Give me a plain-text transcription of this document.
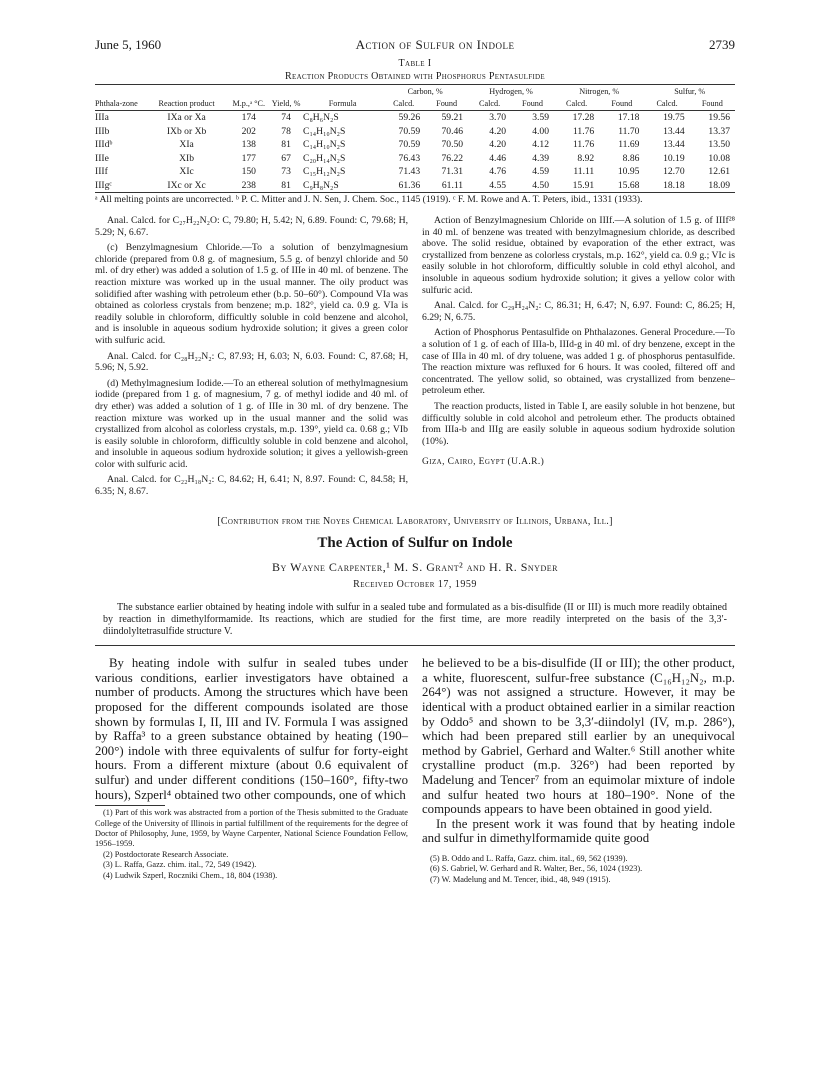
June 5, 1960	Action of Sulfur on Indole	2739
Table I
Reaction Products Obtained with Phosphorus Pentasulfide
					Carbon, %		Hydrogen, %		Nitrogen, %		Sulfur, %	
Phthala-zone	Reaction product	M.p.,ᵃ °C.	Yield, %	Formula	Calcd.	Found	Calcd.	Found	Calcd.	Found	Calcd.	Found
IIIa	IXa or Xa	174	74	C₈H₆N₂S	59.26	59.21	3.70	3.59	17.28	17.18	19.75	19.56
IIIb	IXb or Xb	202	78	C₁₄H₁₀N₂S	70.59	70.46	4.20	4.00	11.76	11.70	13.44	13.37
IIIdᵇ	XIa	138	81	C₁₄H₁₀N₂S	70.59	70.50	4.20	4.12	11.76	11.69	13.44	13.50
IIIe	XIb	177	67	C₂₀H₁₄N₂S	76.43	76.22	4.46	4.39	8.92	8.86	10.19	10.08
IIIf	XIc	150	73	C₁₅H₁₂N₂S	71.43	71.31	4.76	4.59	11.11	10.95	12.70	12.61
IIIgᶜ	IXc or Xc	238	81	C₉H₈N₂S	61.36	61.11	4.55	4.50	15.91	15.68	18.18	18.09
ᵃ All melting points are uncorrected. ᵇ P. C. Mitter and J. N. Sen, J. Chem. Soc., 1145 (1919). ᶜ F. M. Rowe and A. T. Peters, ibid., 1331 (1933).

Anal. Calcd. for C₂₇H₂₂N₂O: C, 79.80; H, 5.42; N, 6.89. Found: C, 79.68; H, 5.29; N, 6.67.

(c) Benzylmagnesium Chloride.—To a solution of benzylmagnesium chloride (prepared from 0.8 g. of magnesium, 5.5 g. of benzyl chloride and 50 ml. of dry ether) was added a solution of 1.5 g. of IIIe in 40 ml. of benzene. The reaction mixture was worked up in the usual manner. The oily product was solidified after washing with petroleum ether (b.p. 50–60°). Compound VIa was obtained as colorless crystals from benzene; m.p. 182°, yield ca. 0.9 g. VIa is readily soluble in chloroform, difficultly soluble in cold benzene and alcohol, and is insoluble in aqueous sodium hydroxide solution; it gives a green color with sulfuric acid.

Anal. Calcd. for C₂₈H₂₂N₂: C, 87.93; H, 6.03; N, 6.03. Found: C, 87.68; H, 5.96; N, 5.92.

(d) Methylmagnesium Iodide.—To an ethereal solution of methylmagnesium iodide (prepared from 1 g. of magnesium, 7 g. of methyl iodide and 40 ml. of dry ether) was added a solution of 1 g. of IIIe in 30 ml. of dry benzene. The reaction mixture was worked up in the usual manner and the solid was crystallized from alcohol as colorless crystals, m.p. 139°, yield ca. 0.68 g.; VIb is easily soluble in chloroform, difficultly soluble in cold benzene and alcohol, and insoluble in aqueous sodium hydroxide solution; it gives a yellowish-green color with sulfuric acid.

Anal. Calcd. for C₂₂H₁₈N₂: C, 84.62; H, 6.41; N, 8.97. Found: C, 84.58; H, 6.35; N, 8.67.

Action of Benzylmagnesium Chloride on IIIf.—A solution of 1.5 g. of IIIf²⁸ in 40 ml. of benzene was treated with benzylmagnesium chloride, as described above. The solid residue, obtained by evaporation of the ether extract, was crystallized from benzene as colorless crystals, m.p. 162°, yield ca. 0.9 g.; VIc is easily soluble in hot chloroform, difficultly soluble in cold ethyl alcohol, and insoluble in aqueous sodium hydroxide solution; it gives a yellow color with sulfuric acid.

Anal. Calcd. for C₂₉H₂₄N₂: C, 86.31; H, 6.47; N, 6.97. Found: C, 86.25; H, 6.29; N, 6.75.

Action of Phosphorus Pentasulfide on Phthalazones. General Procedure.—To a solution of 1 g. of each of IIIa-b, IIId-g in 40 ml. of dry benzene, except in the case of IIIa in 40 ml. of dry toluene, was added 1 g. of phosphorus pentasulfide. The reaction mixture was refluxed for 6 hours. It was cooled, filtered off and concentrated. The yellow solid, so obtained, was crystallized from benzene–petroleum ether.

The reaction products, listed in Table I, are easily soluble in hot benzene, but difficultly soluble in cold alcohol and petroleum ether. The products obtained from IIIa-b and IIIg are easily soluble in aqueous sodium hydroxide solution (10%).

Giza, Cairo, Egypt (U.A.R.)

[Contribution from the Noyes Chemical Laboratory, University of Illinois, Urbana, Ill.]
The Action of Sulfur on Indole
By Wayne Carpenter,¹ M. S. Grant² and H. R. Snyder
Received October 17, 1959
The substance earlier obtained by heating indole with sulfur in a sealed tube and formulated as a bis-disulfide (II or III) is much more readily obtained by reaction in dimethylformamide. Its reactions, which are studied for the first time, are more readily interpreted on the basis of the 3,3′-diindolyltetrasulfide structure V.

By heating indole with sulfur in sealed tubes under various conditions, earlier investigators have obtained a number of products. Among the structures which have been proposed for the different compounds isolated are those shown by formulas I, II, III and IV. Formula I was assigned by Raffa³ to a green substance obtained by heating (190–200°) indole with three equivalents of sulfur for forty-eight hours. From a different mixture (about 0.6 equivalent of sulfur) and under different conditions (150–160°, fifty-two hours), Szperl⁴ obtained two other compounds, one of which

(1) Part of this work was abstracted from a portion of the Thesis submitted to the Graduate College of the University of Illinois in partial fulfillment of the requirements for the degree of Doctor of Philosophy, June, 1959, by Wayne Carpenter, National Science Foundation Fellow, 1956–1959.
(2) Postdoctorate Research Associate.
(3) L. Raffa, Gazz. chim. ital., 72, 549 (1942).
(4) Ludwik Szperl, Roczniki Chem., 18, 804 (1938).

he believed to be a bis-disulfide (II or III); the other product, a white, fluorescent, sulfur-free substance (C₁₆H₁₂N₂, m.p. 264°) was not assigned a structure. However, it may be identical with a product obtained earlier in a similar reaction by Oddo⁵ and shown to be 3,3′-diindolyl (IV, m.p. 286°), which had been prepared still earlier by an unequivocal method by Gabriel, Gerhard and Walter.⁶ Still another white crystalline product (m.p. 326°) had been reported by Madelung and Tencer⁷ from an equimolar mixture of indole and sulfur heated two hours at 180–190°. None of the compounds appears to have been obtained in good yield.

In the present work it was found that by heating indole and sulfur in dimethylformamide quite good

(5) B. Oddo and L. Raffa, Gazz. chim. ital., 69, 562 (1939).
(6) S. Gabriel, W. Gerhard and R. Walter, Ber., 56, 1024 (1923).
(7) W. Madelung and M. Tencer, ibid., 48, 949 (1915).
